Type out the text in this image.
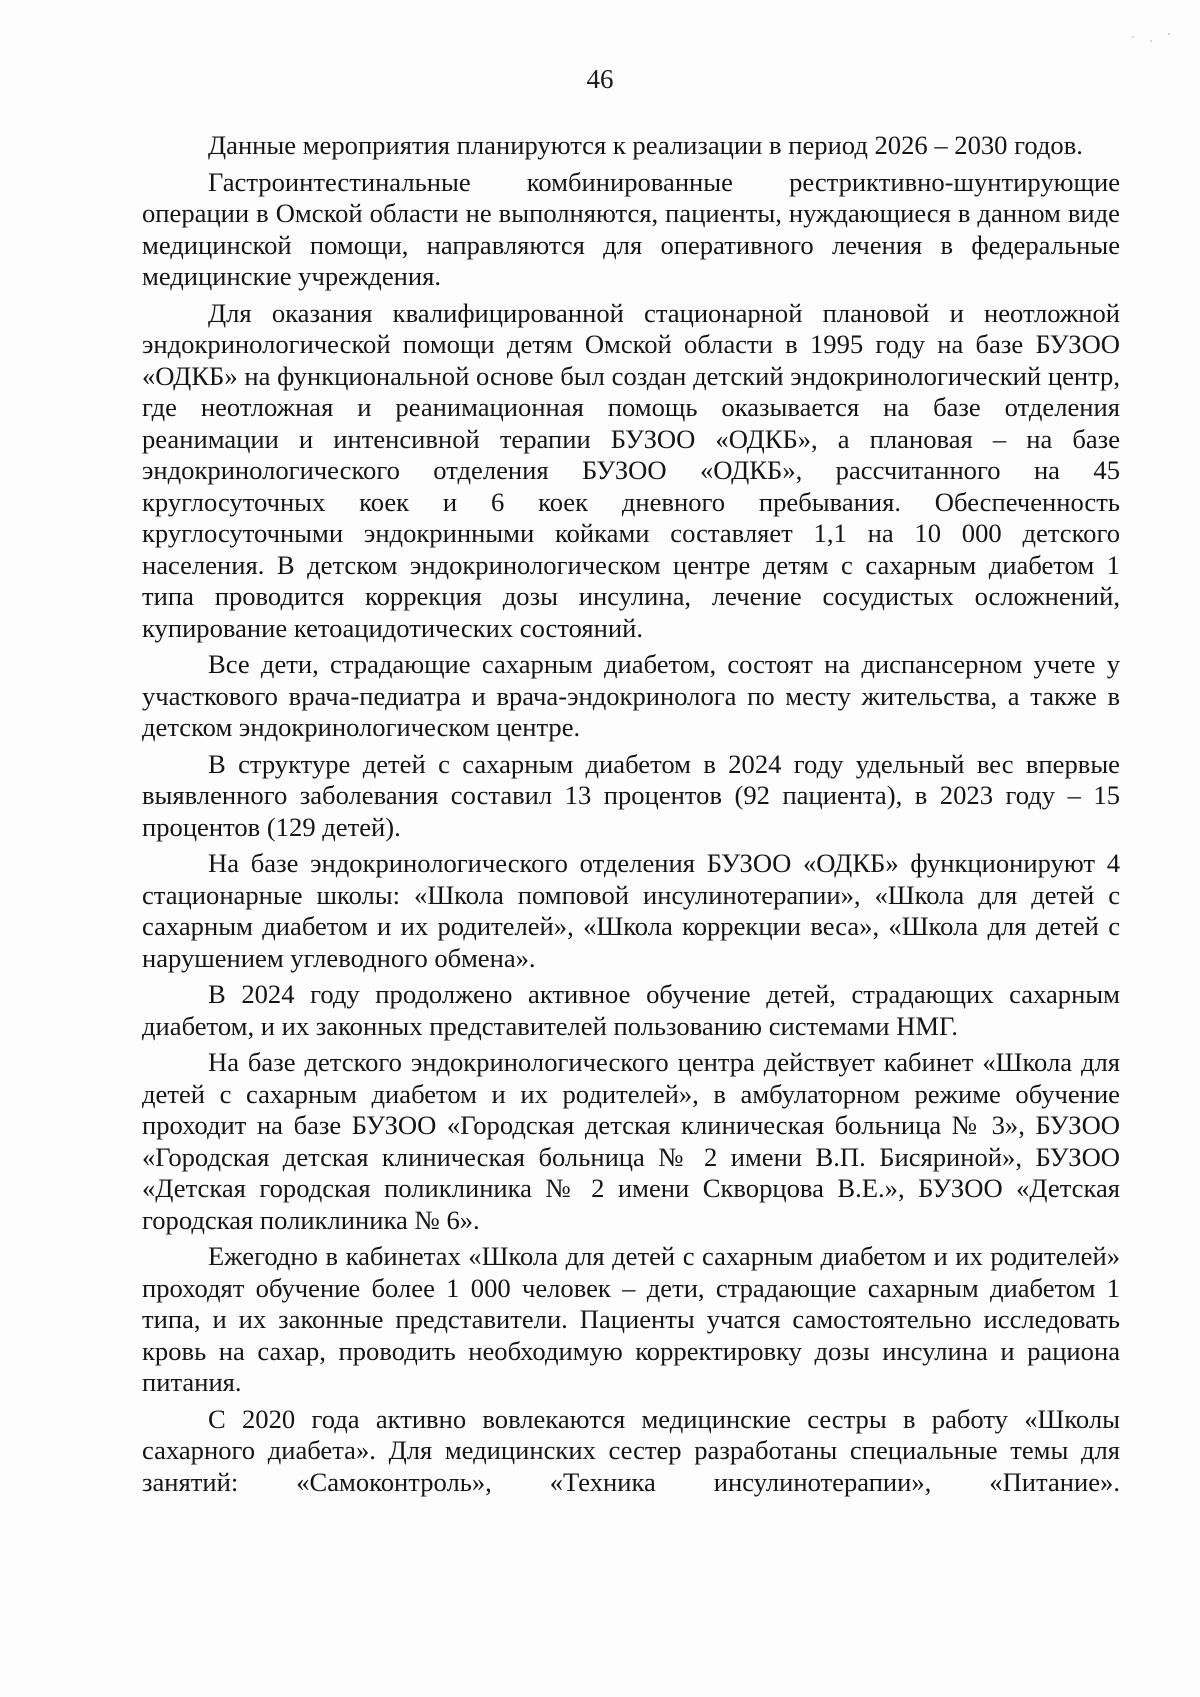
46

Данные мероприятия планируются к реализации в период 2026 – 2030 годов.

Гастроинтестинальные комбинированные рестриктивно-шунтирующие операции в Омской области не выполняются, пациенты, нуждающиеся в данном виде медицинской помощи, направляются для оперативного лечения в федеральные медицинские учреждения.

Для оказания квалифицированной стационарной плановой и неотложной эндокринологической помощи детям Омской области в 1995 году на базе БУЗОО «ОДКБ» на функциональной основе был создан детский эндокринологический центр, где неотложная и реанимационная помощь оказывается на базе отделения реанимации и интенсивной терапии БУЗОО «ОДКБ», а плановая – на базе эндокринологического отделения БУЗОО «ОДКБ», рассчитанного на 45 круглосуточных коек и 6 коек дневного пребывания. Обеспеченность круглосуточными эндокринными койками составляет 1,1 на 10 000 детского населения. В детском эндокринологическом центре детям с сахарным диабетом 1 типа проводится коррекция дозы инсулина, лечение сосудистых осложнений, купирование кетоацидотических состояний.

Все дети, страдающие сахарным диабетом, состоят на диспансерном учете у участкового врача-педиатра и врача-эндокринолога по месту жительства, а также в детском эндокринологическом центре.

В структуре детей с сахарным диабетом в 2024 году удельный вес впервые выявленного заболевания составил 13 процентов (92 пациента), в 2023 году – 15 процентов (129 детей).

На базе эндокринологического отделения БУЗОО «ОДКБ» функционируют 4 стационарные школы: «Школа помповой инсулинотерапии», «Школа для детей с сахарным диабетом и их родителей», «Школа коррекции веса», «Школа для детей с нарушением углеводного обмена».

В 2024 году продолжено активное обучение детей, страдающих сахарным диабетом, и их законных представителей пользованию системами НМГ.

На базе детского эндокринологического центра действует кабинет «Школа для детей с сахарным диабетом и их родителей», в амбулаторном режиме обучение проходит на базе БУЗОО «Городская детская клиническая больница № 3», БУЗОО «Городская детская клиническая больница № 2 имени В.П. Бисяриной», БУЗОО «Детская городская поликлиника № 2 имени Скворцова В.Е.», БУЗОО «Детская городская поликлиника № 6».

Ежегодно в кабинетах «Школа для детей с сахарным диабетом и их родителей» проходят обучение более 1 000 человек – дети, страдающие сахарным диабетом 1 типа, и их законные представители. Пациенты учатся самостоятельно исследовать кровь на сахар, проводить необходимую корректировку дозы инсулина и рациона питания.

С 2020 года активно вовлекаются медицинские сестры в работу «Школы сахарного диабета». Для медицинских сестер разработаны специальные темы для занятий: «Самоконтроль», «Техника инсулинотерапии», «Питание».
